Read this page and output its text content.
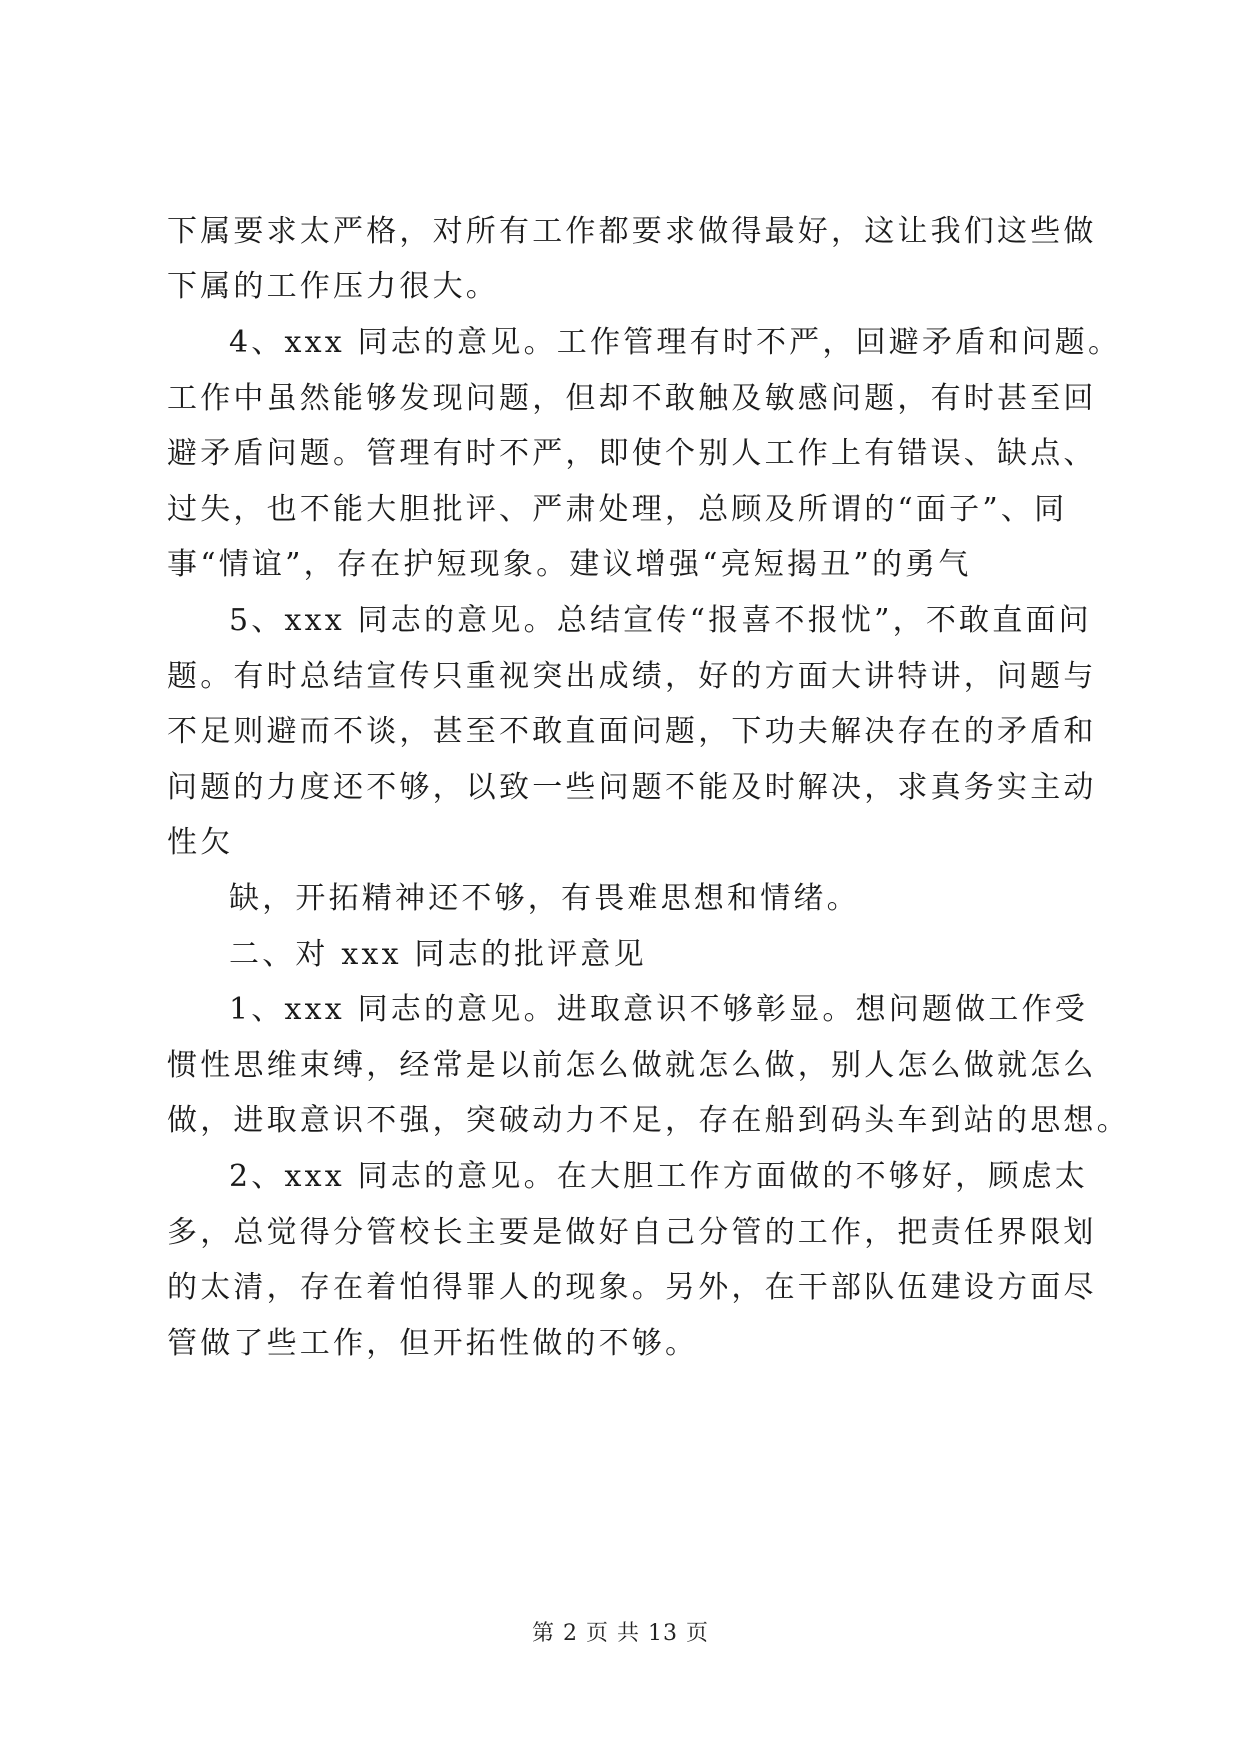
下属要求太严格，对所有工作都要求做得最好，这让我们这些做
下属的工作压力很大。
4、xxx 同志的意见。工作管理有时不严，回避矛盾和问题。
工作中虽然能够发现问题，但却不敢触及敏感问题，有时甚至回
避矛盾问题。管理有时不严，即使个别人工作上有错误、缺点、
过失，也不能大胆批评、严肃处理，总顾及所谓的“面子”、同
事“情谊”，存在护短现象。建议增强“亮短揭丑”的勇气
5、xxx 同志的意见。总结宣传“报喜不报忧”，不敢直面问
题。有时总结宣传只重视突出成绩，好的方面大讲特讲，问题与
不足则避而不谈，甚至不敢直面问题，下功夫解决存在的矛盾和
问题的力度还不够，以致一些问题不能及时解决，求真务实主动
性欠
缺，开拓精神还不够，有畏难思想和情绪。
二、对 xxx 同志的批评意见
1、xxx 同志的意见。进取意识不够彰显。想问题做工作受
惯性思维束缚，经常是以前怎么做就怎么做，别人怎么做就怎么
做，进取意识不强，突破动力不足，存在船到码头车到站的思想。
2、xxx 同志的意见。在大胆工作方面做的不够好，顾虑太
多，总觉得分管校长主要是做好自己分管的工作，把责任界限划
的太清，存在着怕得罪人的现象。另外，在干部队伍建设方面尽
管做了些工作，但开拓性做的不够。
第 2 页 共 13 页
